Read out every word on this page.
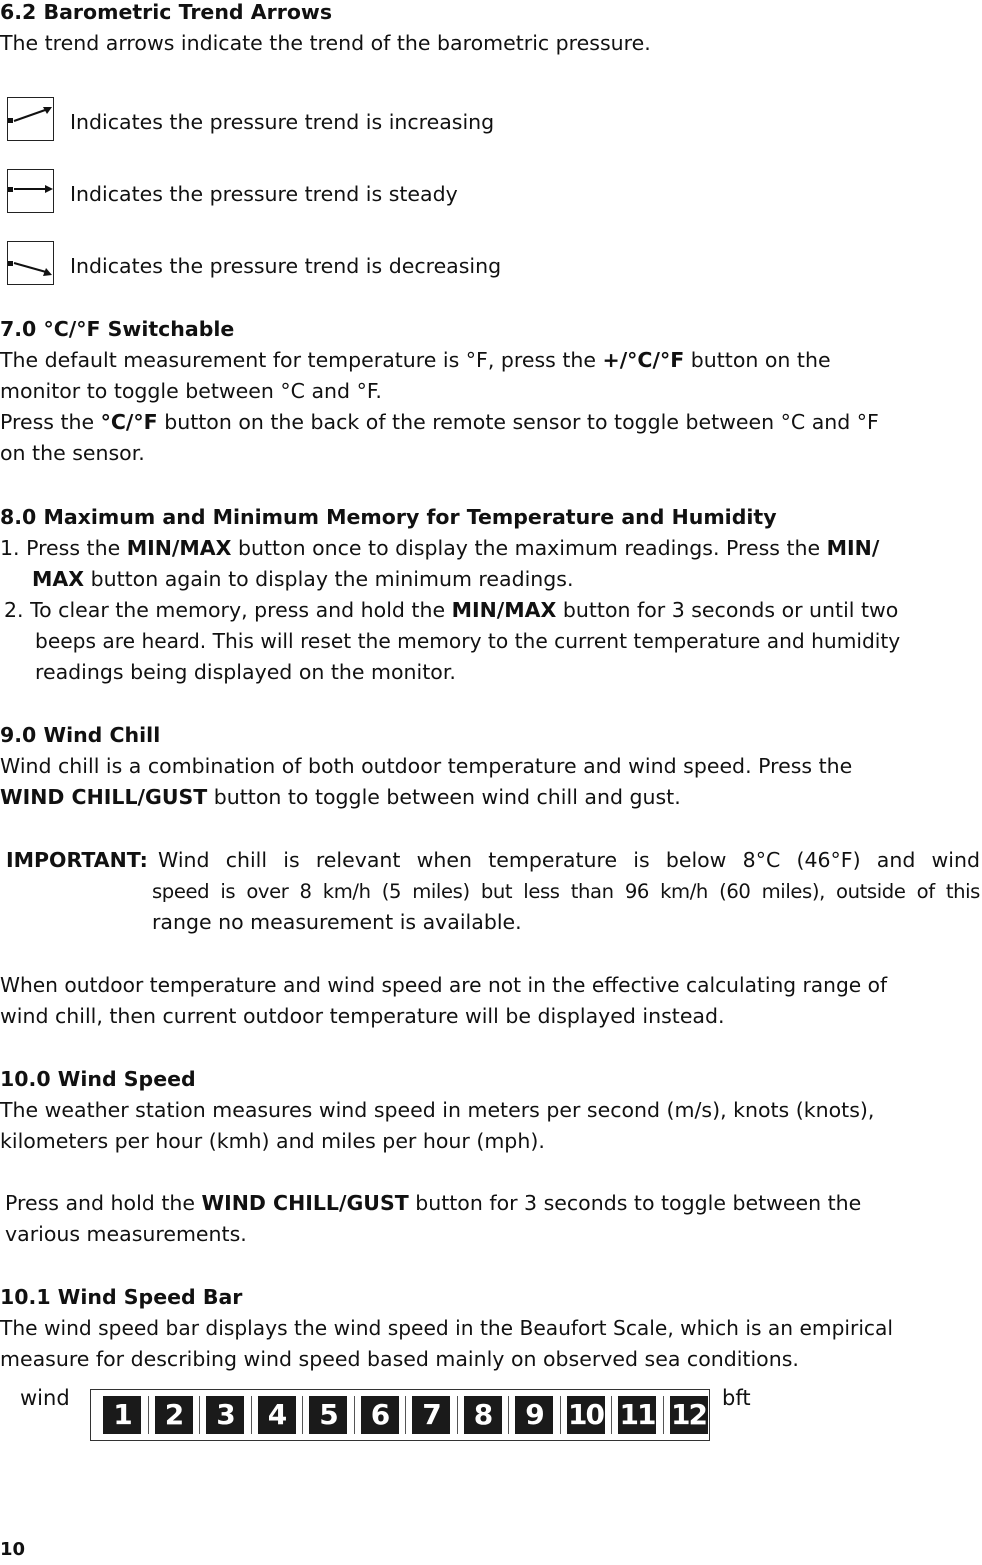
6.2 Barometric Trend Arrows
The trend arrows indicate the trend of the barometric pressure.
Indicates the pressure trend is increasing
Indicates the pressure trend is steady
Indicates the pressure trend is decreasing
7.0 °C/°F Switchable
The default measurement for temperature is °F, press the +/°C/°F button on the
monitor to toggle between °C and °F.
Press the °C/°F button on the back of the remote sensor to toggle between °C and °F
on the sensor.
8.0 Maximum and Minimum Memory for Temperature and Humidity
1. Press the MIN/MAX button once to display the maximum readings. Press the MIN/
MAX button again to display the minimum readings.
2. To clear the memory, press and hold the MIN/MAX button for 3 seconds or until two
beeps are heard. This will reset the memory to the current temperature and humidity
readings being displayed on the monitor.
9.0 Wind Chill
Wind chill is a combination of both outdoor temperature and wind speed. Press the
WIND CHILL/GUST button to toggle between wind chill and gust.
IMPORTANT: Wind chill is relevant when temperature is below 8°C (46°F) and wind
speed is over 8 km/h (5 miles) but less than 96 km/h (60 miles), outside of this
range no measurement is available.
When outdoor temperature and wind speed are not in the effective calculating range of
wind chill, then current outdoor temperature will be displayed instead.
10.0 Wind Speed
The weather station measures wind speed in meters per second (m/s), knots (knots),
kilometers per hour (kmh) and miles per hour (mph).
Press and hold the WIND CHILL/GUST button for 3 seconds to toggle between the
various measurements.
10.1 Wind Speed Bar
The wind speed bar displays the wind speed in the Beaufort Scale, which is an empirical
measure for describing wind speed based mainly on observed sea conditions.
wind	1	2	3	4	5	6	7	8	9 10 11 12 bft
10
